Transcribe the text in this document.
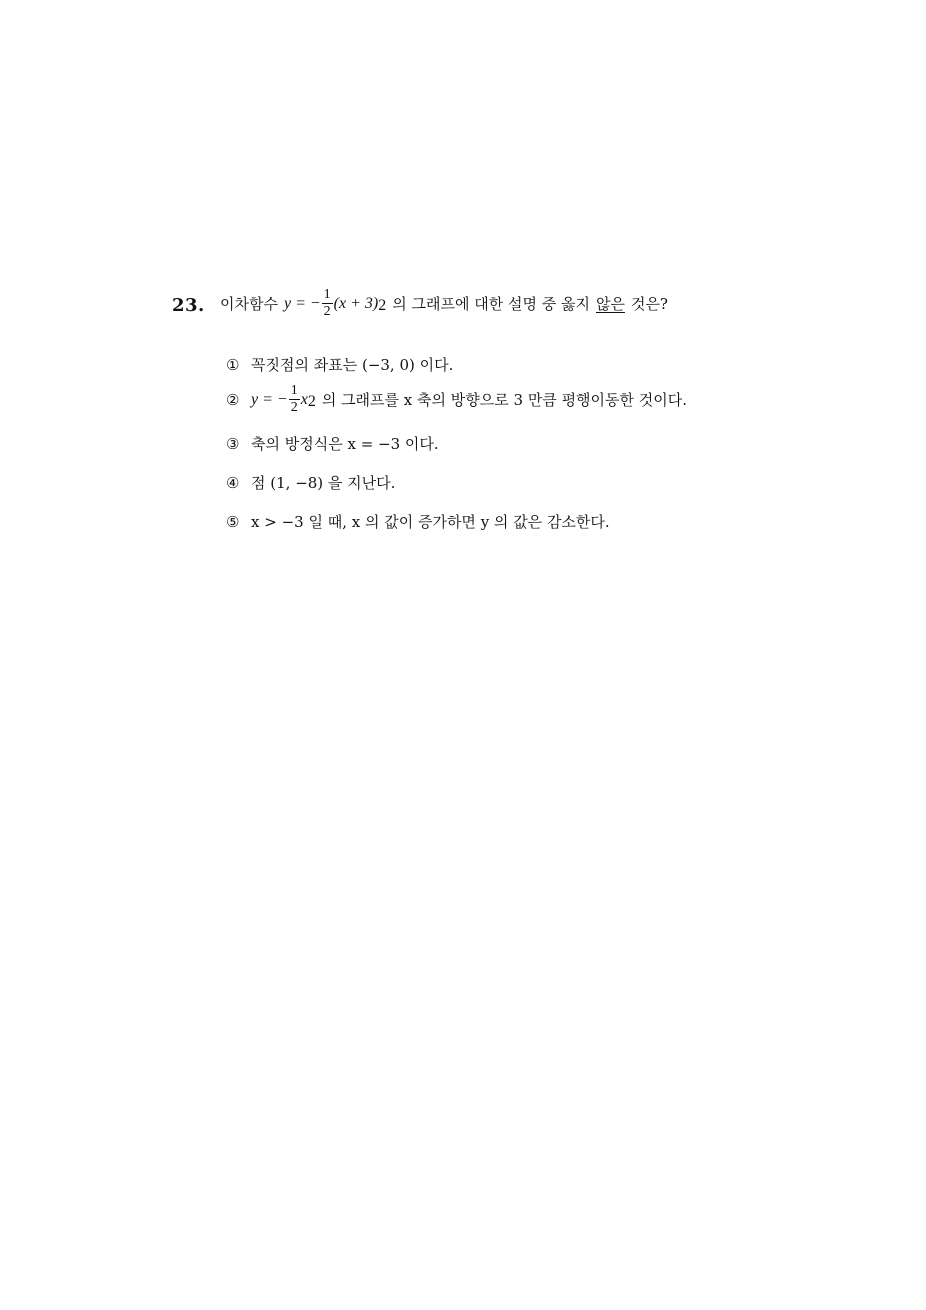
23. 이차함수 y = − $\frac{1}{2} (x + 3)$ 2 의 그래프에 대한 설명 중 옳지 않은 것은?
① 꼭짓점의 좌표는 (−3, 0) 이다.
② y = − $\frac{1}{2}$ x 2 의 그래프를 x 축의 방향으로 3 만큼 평행이동한 것이다.
③ 축의 방정식은 x = −3 이다.
④ 점 (1, −8) 을 지난다.
⑤ x > −3 일 때, x 의 값이 증가하면 y 의 값은 감소한다.
